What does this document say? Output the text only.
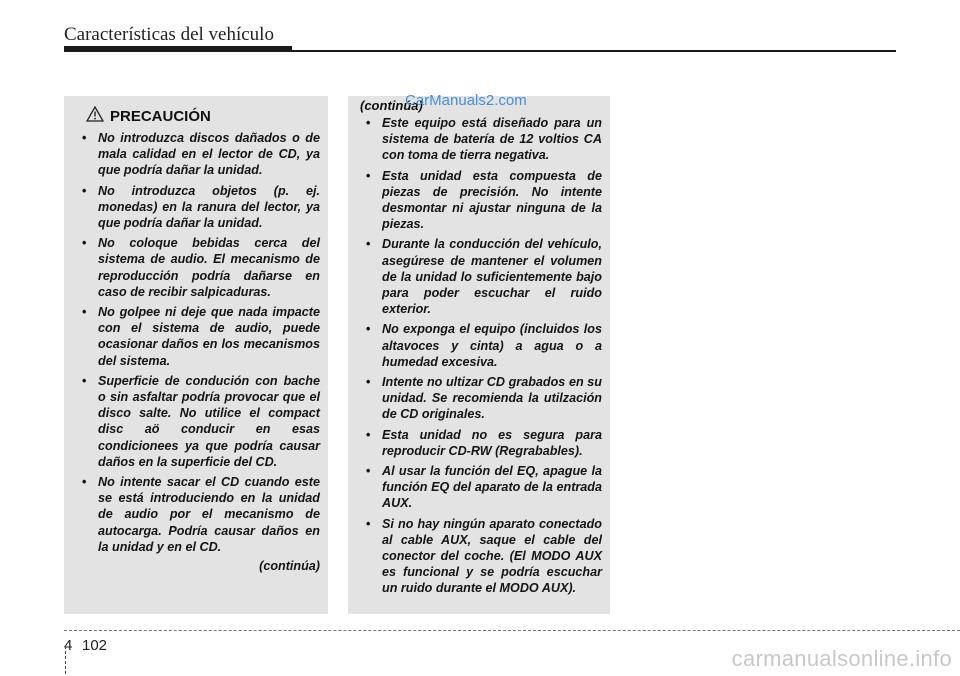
Características del vehículo
PRECAUCIÓN
• No introduzca discos dañados o de mala calidad en el lector de CD, ya que podría dañar la unidad.
• No introduzca objetos (p. ej. monedas) en la ranura del lector, ya que podría dañar la unidad.
• No coloque bebidas cerca del sistema de audio. El mecanismo de reproducción podría dañarse en caso de recibir salpicaduras.
• No golpee ni deje que nada impacte con el sistema de audio, puede ocasionar daños en los mecanismos del sistema.
• Superficie de condución con bache o sin asfaltar podría provocar que el disco salte. No utilice el compact disc aö conducir en esas condicionees ya que podría causar daños en la superficie del CD.
• No intente sacar el CD cuando este se está introduciendo en la unidad de audio por el mecanismo de autocarga. Podría causar daños en la unidad y en el CD.
(continúa)
(continúa)
• Este equipo está diseñado para un sistema de batería de 12 voltios CA con toma de tierra negativa.
• Esta unidad esta compuesta de piezas de precisión. No intente desmontar ni ajustar ninguna de la piezas.
• Durante la conducción del vehículo, asegúrese de mantener el volumen de la unidad lo suficientemente bajo para poder escuchar el ruido exterior.
• No exponga el equipo (incluidos los altavoces y cinta) a agua o a humedad excesiva.
• Intente no ultizar CD grabados en su unidad. Se recomienda la utilzación de CD originales.
• Esta unidad no es segura para reproducir CD-RW (Regrabables).
• Al usar la función del EQ, apague la función EQ del aparato de la entrada AUX.
• Si no hay ningún aparato conectado al cable AUX, saque el cable del conector del coche. (El MODO AUX es funcional y se podría escuchar un ruido durante el MODO AUX).
CarManuals2.com
4 102
carmanualsonline.info
